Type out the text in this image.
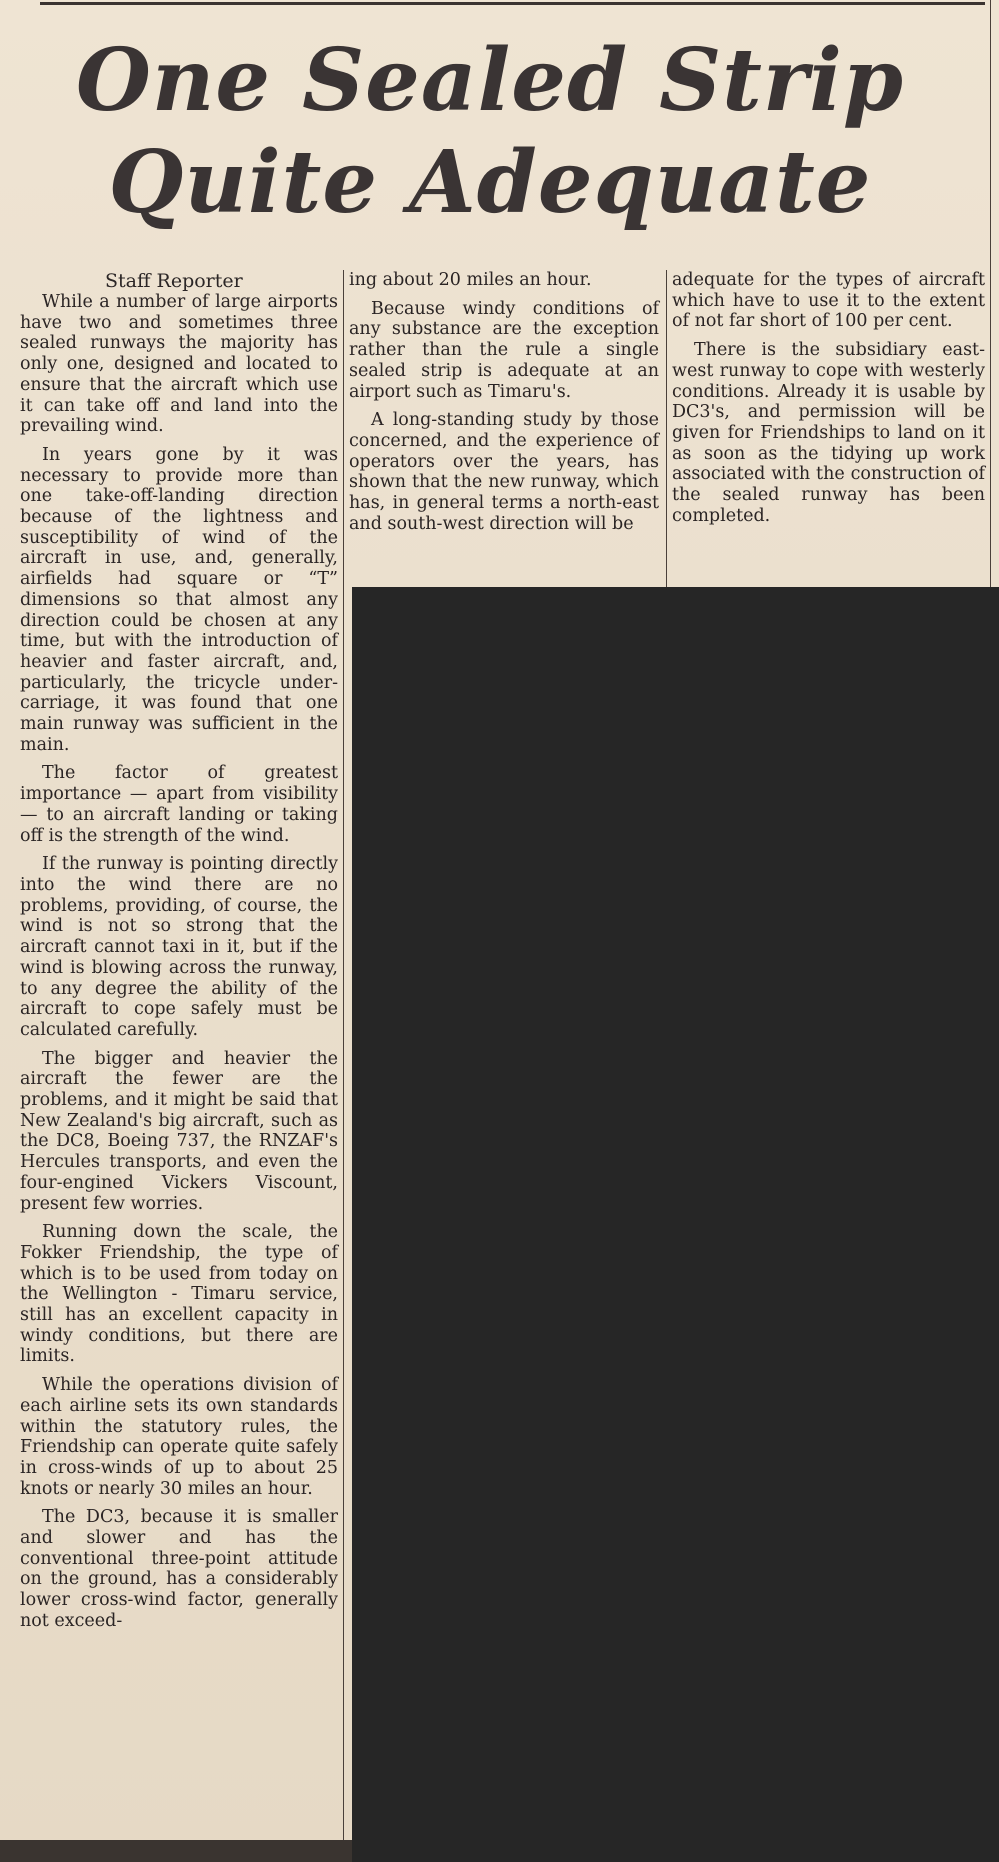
One Sealed Strip
Quite Adequate
Staff Reporter

While a number of large airports have two and sometimes three sealed runways the majority has only one, designed and located to ensure that the aircraft which use it can take off and land into the prevailing wind.

In years gone by it was necessary to provide more than one take-off-landing direction because of the lightness and susceptibility of wind of the aircraft in use, and, generally, airfields had square or “T” dimensions so that almost any direction could be chosen at any time, but with the introduction of heavier and faster aircraft, and, particularly, the tricycle under-carriage, it was found that one main runway was sufficient in the main.

The factor of greatest importance — apart from visibility — to an aircraft landing or taking off is the strength of the wind.

If the runway is pointing directly into the wind there are no problems, providing, of course, the wind is not so strong that the aircraft cannot taxi in it, but if the wind is blowing across the runway, to any degree the ability of the aircraft to cope safely must be calculated carefully.

The bigger and heavier the aircraft the fewer are the problems, and it might be said that New Zealand's big aircraft, such as the DC8, Boeing 737, the RNZAF's Hercules transports, and even the four-engined Vickers Viscount, present few worries.

Running down the scale, the Fokker Friendship, the type of which is to be used from today on the Wellington - Timaru service, still has an excellent capacity in windy conditions, but there are limits.

While the operations division of each airline sets its own standards within the statutory rules, the Friendship can operate quite safely in cross-winds of up to about 25 knots or nearly 30 miles an hour.

The DC3, because it is smaller and slower and has the conventional three-point attitude on the ground, has a considerably lower cross-wind factor, generally not exceed-

ing about 20 miles an hour.

Because windy conditions of any substance are the exception rather than the rule a single sealed strip is adequate at an airport such as Timaru's.

A long-standing study by those concerned, and the experience of operators over the years, has shown that the new runway, which has, in general terms a north-east and south-west direction will be

adequate for the types of aircraft which have to use it to the extent of not far short of 100 per cent.

There is the subsidiary east-west runway to cope with westerly conditions. Already it is usable by DC3's, and permission will be given for Friendships to land on it as soon as the tidying up work associated with the construction of the sealed runway has been completed.
